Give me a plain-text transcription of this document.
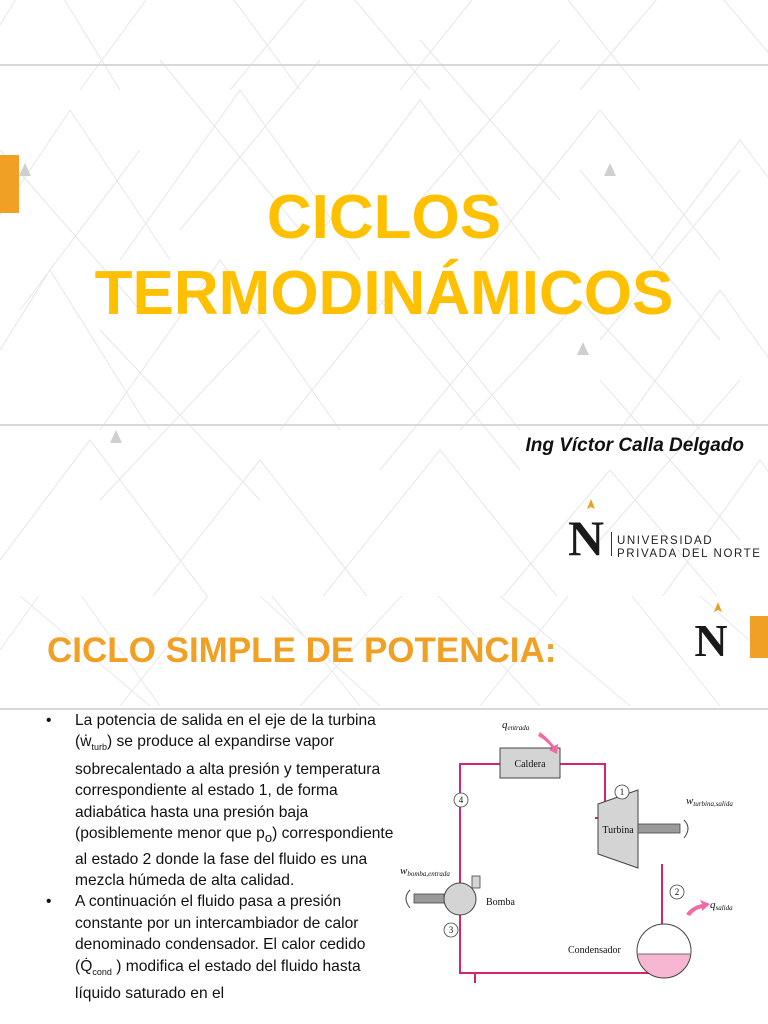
CICLOS
TERMODINÁMICOS

Ing Víctor Calla Delgado

N UNIVERSIDAD
PRIVADA DEL NORTE
CICLO SIMPLE DE POTENCIA:	N
• La potencia de salida en el eje de la turbina (ẇ$_{turb}$) se produce al expandirse vapor sobrecalentado a alta presión y temperatura correspondiente al estado 1, de forma adiabática hasta una presión baja (posiblemente menor que $p_o$) correspondiente al estado 2 donde la fase del fluido es una mezcla húmeda de alta calidad.
• A continuación el fluido pasa a presión constante por un intercambiador de calor denominado condensador. El calor cedido ($Q̇_{cond}$ ) modifica el estado del fluido hasta líquido saturado en el
Caldera
qentrada
Turbina
wturbina,salida
Bomba
wbomba,entrada
Condensador
qsalida
4
1
2
3
